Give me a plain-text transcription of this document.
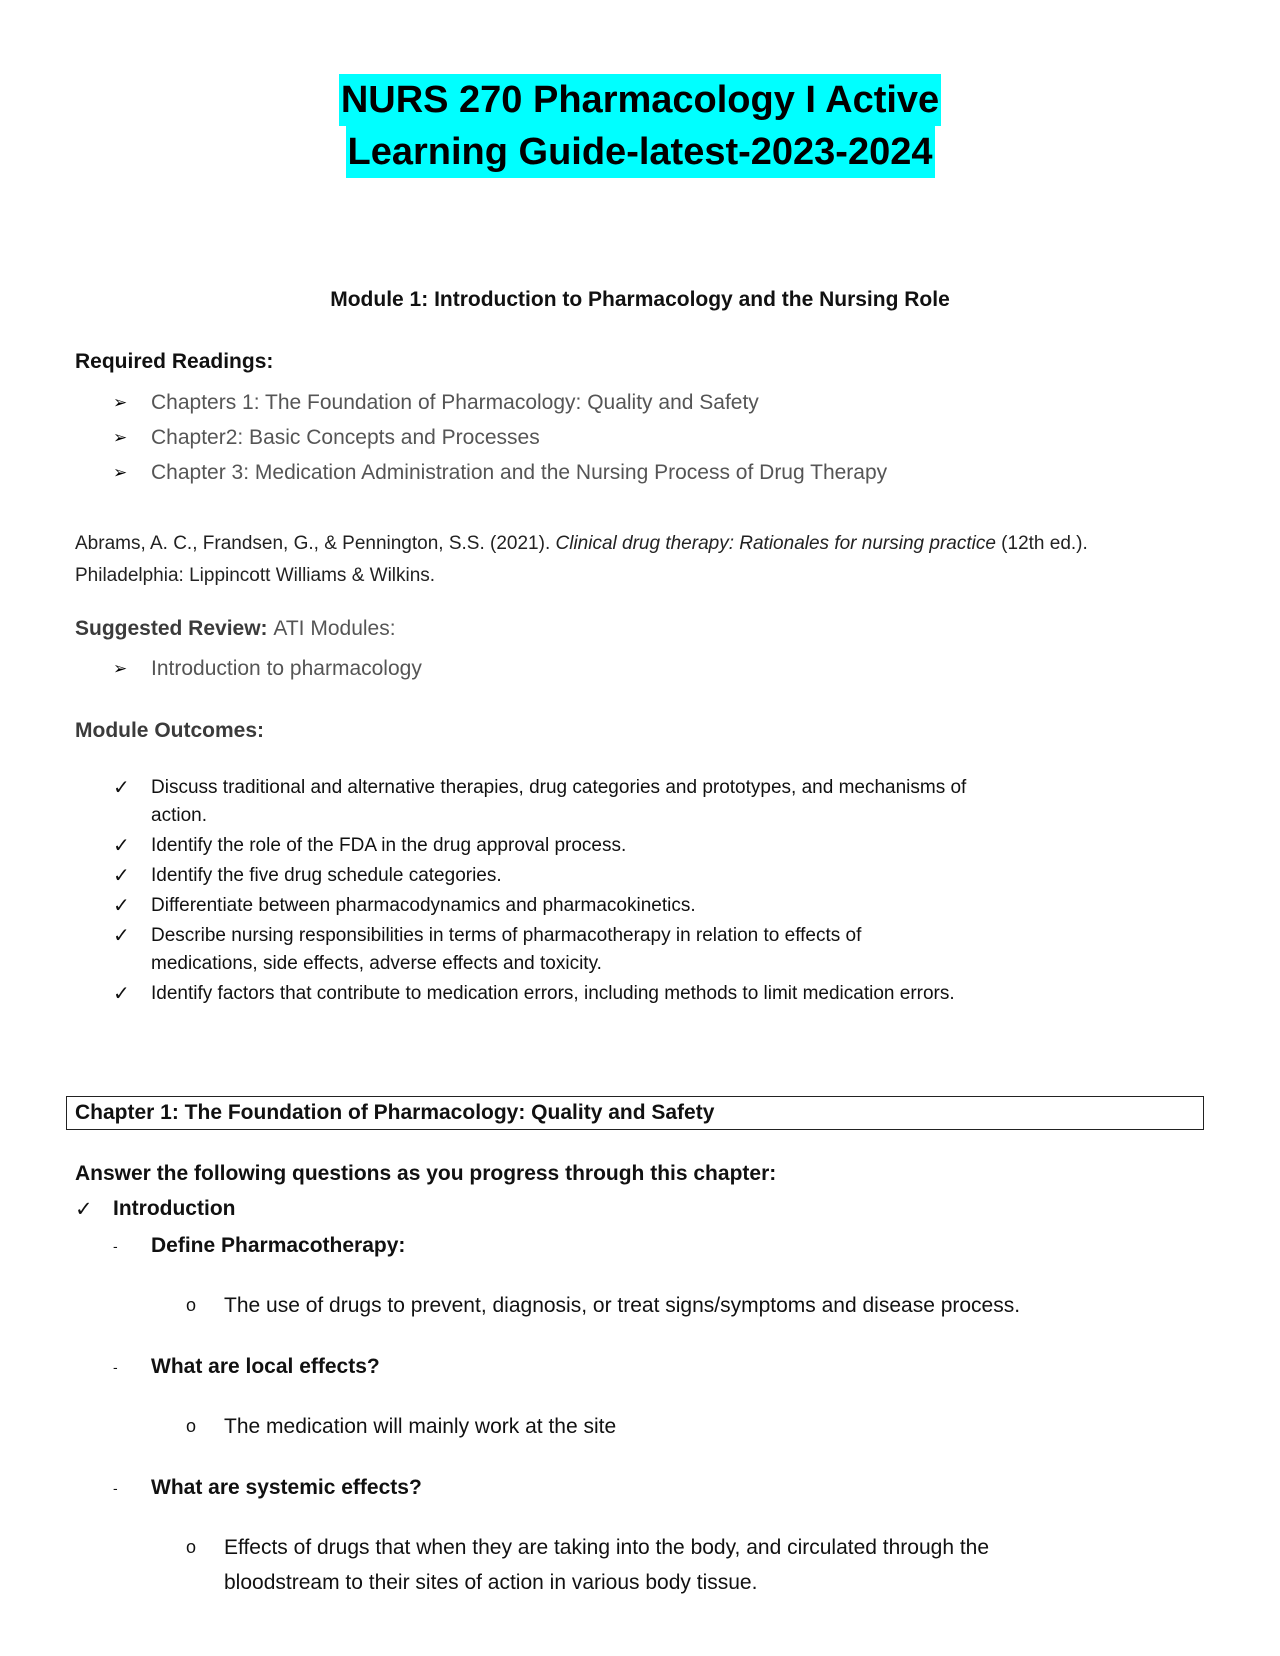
NURS 270 Pharmacology I Active
Learning Guide-latest-2023-2024
Module 1: Introduction to Pharmacology and the Nursing Role
Required Readings:
➢	Chapters 1: The Foundation of Pharmacology: Quality and Safety
➢	Chapter2: Basic Concepts and Processes
➢	Chapter 3: Medication Administration and the Nursing Process of Drug Therapy
Abrams, A. C., Frandsen, G., & Pennington, S.S. (2021). Clinical drug therapy: Rationales for nursing practice (12th ed.).
Philadelphia: Lippincott Williams & Wilkins.
Suggested Review: ATI Modules:
➢	Introduction to pharmacology
Module Outcomes:
✓	Discuss traditional and alternative therapies, drug categories and prototypes, and mechanisms of action.
✓	Identify the role of the FDA in the drug approval process.
✓	Identify the five drug schedule categories.
✓	Differentiate between pharmacodynamics and pharmacokinetics.
✓	Describe nursing responsibilities in terms of pharmacotherapy in relation to effects of medications, side effects, adverse effects and toxicity.
✓	Identify factors that contribute to medication errors, including methods to limit medication errors.
Chapter 1: The Foundation of Pharmacology: Quality and Safety
Answer the following questions as you progress through this chapter:
✓ Introduction
-	Define Pharmacotherapy:
o	The use of drugs to prevent, diagnosis, or treat signs/symptoms and disease process.
-	What are local effects?
o	The medication will mainly work at the site
-	What are systemic effects?
o	Effects of drugs that when they are taking into the body, and circulated through the bloodstream to their sites of action in various body tissue.
